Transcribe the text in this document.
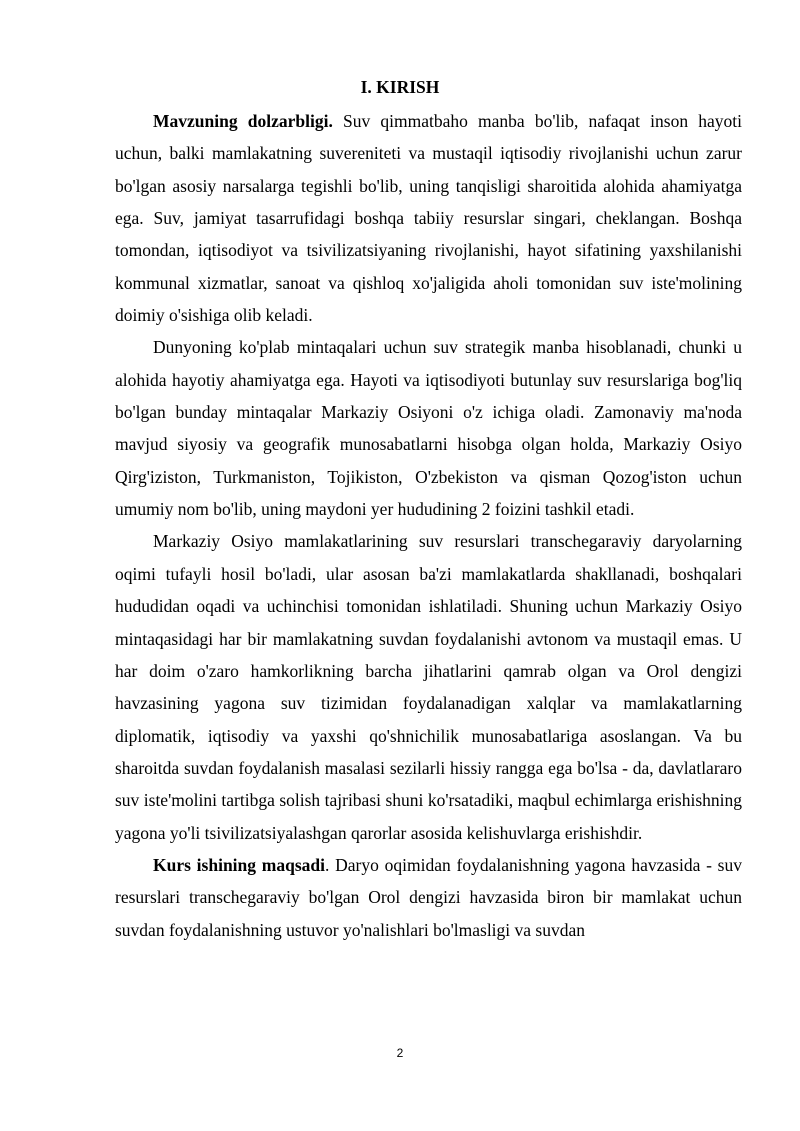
I. KIRISH

Mavzuning dolzarbligi. Suv qimmatbaho manba bo'lib, nafaqat inson hayoti uchun, balki mamlakatning suvereniteti va mustaqil iqtisodiy rivojlanishi uchun zarur bo'lgan asosiy narsalarga tegishli bo'lib, uning tanqisligi sharoitida alohida ahamiyatga ega. Suv, jamiyat tasarrufidagi boshqa tabiiy resurslar singari, cheklangan. Boshqa tomondan, iqtisodiyot va tsivilizatsiyaning rivojlanishi, hayot sifatining yaxshilanishi kommunal xizmatlar, sanoat va qishloq xo'jaligida aholi tomonidan suv iste'molining doimiy o'sishiga olib keladi.

Dunyoning ko'plab mintaqalari uchun suv strategik manba hisoblanadi, chunki u alohida hayotiy ahamiyatga ega. Hayoti va iqtisodiyoti butunlay suv resurslariga bog'liq bo'lgan bunday mintaqalar Markaziy Osiyoni o'z ichiga oladi. Zamonaviy ma'noda mavjud siyosiy va geografik munosabatlarni hisobga olgan holda, Markaziy Osiyo Qirg'iziston, Turkmaniston, Tojikiston, O'zbekiston va qisman Qozog'iston uchun umumiy nom bo'lib, uning maydoni yer hududining 2 foizini tashkil etadi.

Markaziy Osiyo mamlakatlarining suv resurslari transchegaraviy daryolarning oqimi tufayli hosil bo'ladi, ular asosan ba'zi mamlakatlarda shakllanadi, boshqalari hududidan oqadi va uchinchisi tomonidan ishlatiladi. Shuning uchun Markaziy Osiyo mintaqasidagi har bir mamlakatning suvdan foydalanishi avtonom va mustaqil emas. U har doim o'zaro hamkorlikning barcha jihatlarini qamrab olgan va Orol dengizi havzasining yagona suv tizimidan foydalanadigan xalqlar va mamlakatlarning diplomatik, iqtisodiy va yaxshi qo'shnichilik munosabatlariga asoslangan. Va bu sharoitda suvdan foydalanish masalasi sezilarli hissiy rangga ega bo'lsa - da, davlatlararo suv iste'molini tartibga solish tajribasi shuni ko'rsatadiki, maqbul echimlarga erishishning yagona yo'li tsivilizatsiyalashgan qarorlar asosida kelishuvlarga erishishdir.

Kurs ishining maqsadi. Daryo oqimidan foydalanishning yagona havzasida - suv resurslari transchegaraviy bo'lgan Orol dengizi havzasida biron bir mamlakat uchun suvdan foydalanishning ustuvor yo'nalishlari bo'lmasligi va suvdan

2
